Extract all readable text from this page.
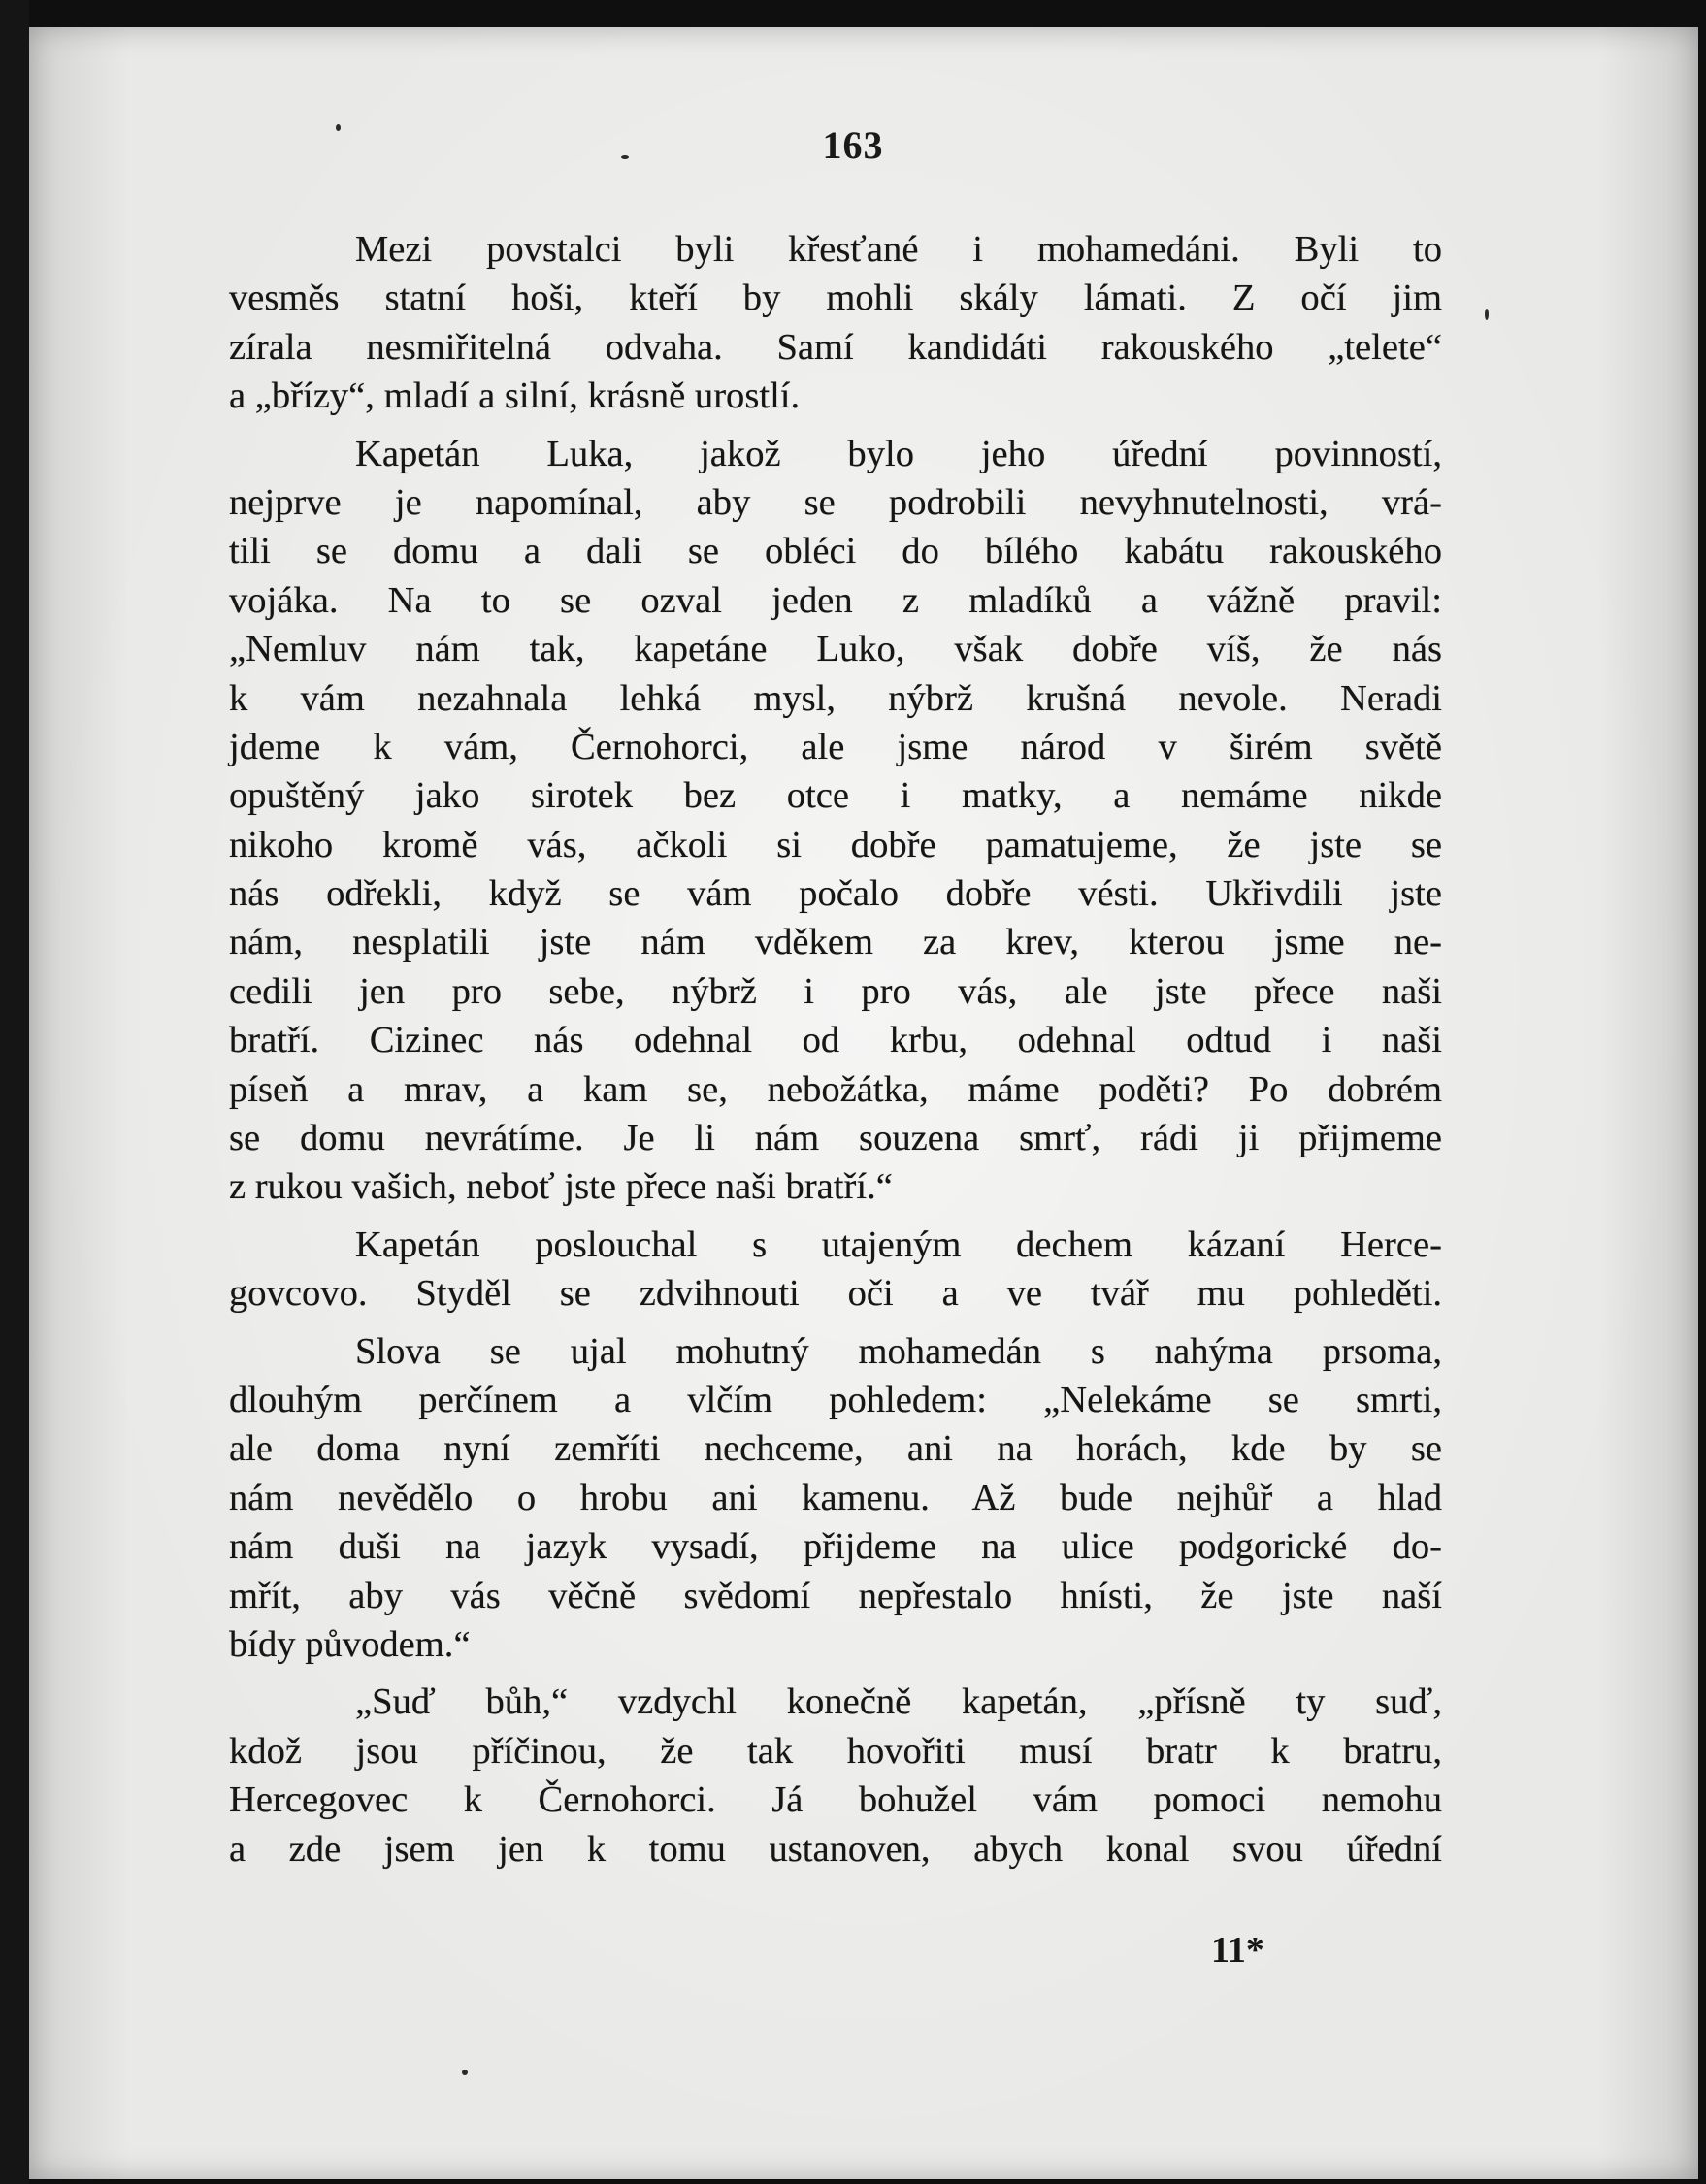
163
Mezi povstalci byli křesťané i mohamedáni. Byli to
vesměs statní hoši, kteří by mohli skály lámati. Z očí jim
zírala nesmiřitelná odvaha. Samí kandidáti rakouského „telete“
a „břízy“, mladí a silní, krásně urostlí.
Kapetán Luka, jakož bylo jeho úřední povinností,
nejprve je napomínal, aby se podrobili nevyhnutelnosti, vrá-
tili se domu a dali se obléci do bílého kabátu rakouského
vojáka. Na to se ozval jeden z mladíků a vážně pravil:
„Nemluv nám tak, kapetáne Luko, však dobře víš, že nás
k vám nezahnala lehká mysl, nýbrž krušná nevole. Neradi
jdeme k vám, Černohorci, ale jsme národ v širém světě
opuštěný jako sirotek bez otce i matky, a nemáme nikde
nikoho kromě vás, ačkoli si dobře pamatujeme, že jste se
nás odřekli, když se vám počalo dobře vésti. Ukřivdili jste
nám, nesplatili jste nám vděkem za krev, kterou jsme ne-
cedili jen pro sebe, nýbrž i pro vás, ale jste přece naši
bratří. Cizinec nás odehnal od krbu, odehnal odtud i naši
píseň a mrav, a kam se, nebožátka, máme poděti? Po dobrém
se domu nevrátíme. Je li nám souzena smrť, rádi ji přijmeme
z rukou vašich, neboť jste přece naši bratří.“
Kapetán poslouchal s utajeným dechem kázaní Herce-
govcovo. Styděl se zdvihnouti oči a ve tvář mu pohleděti.
Slova se ujal mohutný mohamedán s nahýma prsoma,
dlouhým perčínem a vlčím pohledem: „Nelekáme se smrti,
ale doma nyní zemříti nechceme, ani na horách, kde by se
nám nevědělo o hrobu ani kamenu. Až bude nejhůř a hlad
nám duši na jazyk vysadí, přijdeme na ulice podgorické do-
mřít, aby vás věčně svědomí nepřestalo hnísti, že jste naší
bídy původem.“
„Suď bůh,“ vzdychl konečně kapetán, „přísně ty suď,
kdož jsou příčinou, že tak hovořiti musí bratr k bratru,
Hercegovec k Černohorci. Já bohužel vám pomoci nemohu
a zde jsem jen k tomu ustanoven, abych konal svou úřední
11*
